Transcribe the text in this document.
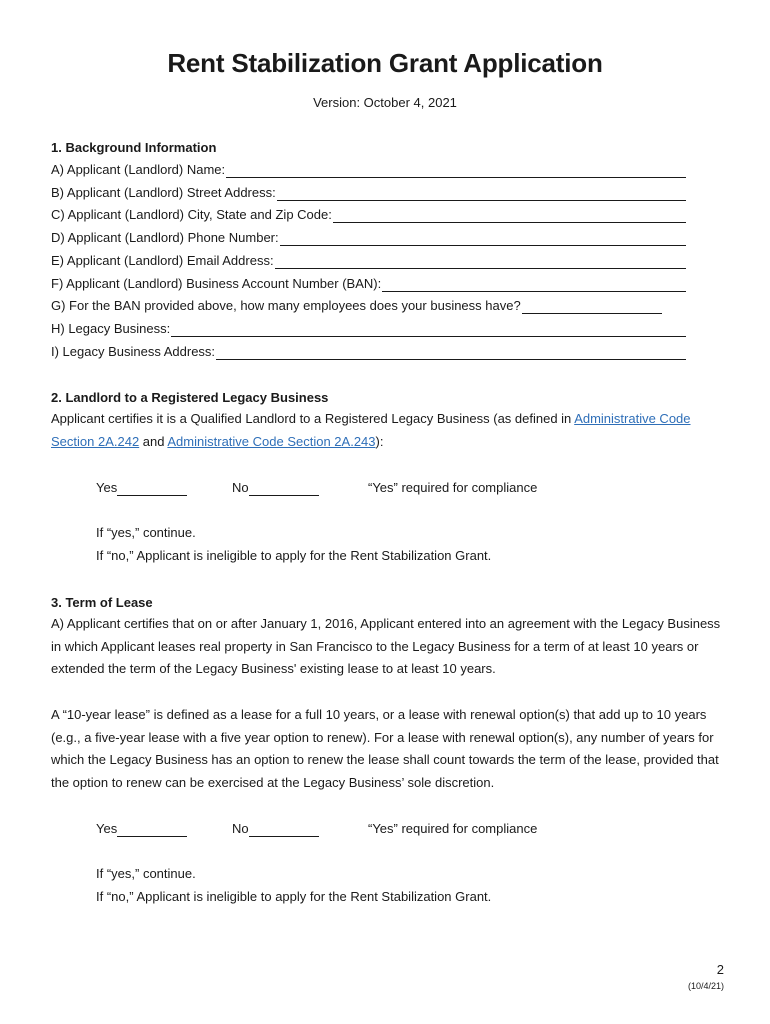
Rent Stabilization Grant Application
Version: October 4, 2021
1. Background Information
A) Applicant (Landlord) Name:
B) Applicant (Landlord) Street Address:
C) Applicant (Landlord) City, State and Zip Code:
D) Applicant (Landlord) Phone Number:
E) Applicant (Landlord) Email Address:
F) Applicant (Landlord) Business Account Number (BAN):
G) For the BAN provided above, how many employees does your business have?
H) Legacy Business:
I) Legacy Business Address:
2. Landlord to a Registered Legacy Business
Applicant certifies it is a Qualified Landlord to a Registered Legacy Business (as defined in Administrative Code Section 2A.242 and Administrative Code Section 2A.243):
Yes	No	“Yes” required for compliance
If “yes,” continue.
If “no,” Applicant is ineligible to apply for the Rent Stabilization Grant.
3. Term of Lease
A) Applicant certifies that on or after January 1, 2016, Applicant entered into an agreement with the Legacy Business in which Applicant leases real property in San Francisco to the Legacy Business for a term of at least 10 years or extended the term of the Legacy Business' existing lease to at least 10 years.
A “10-year lease” is defined as a lease for a full 10 years, or a lease with renewal option(s) that add up to 10 years (e.g., a five-year lease with a five year option to renew). For a lease with renewal option(s), any number of years for which the Legacy Business has an option to renew the lease shall count towards the term of the lease, provided that the option to renew can be exercised at the Legacy Business’ sole discretion.
Yes	No	“Yes” required for compliance
If “yes,” continue.
If “no,” Applicant is ineligible to apply for the Rent Stabilization Grant.
2
(10/4/21)
